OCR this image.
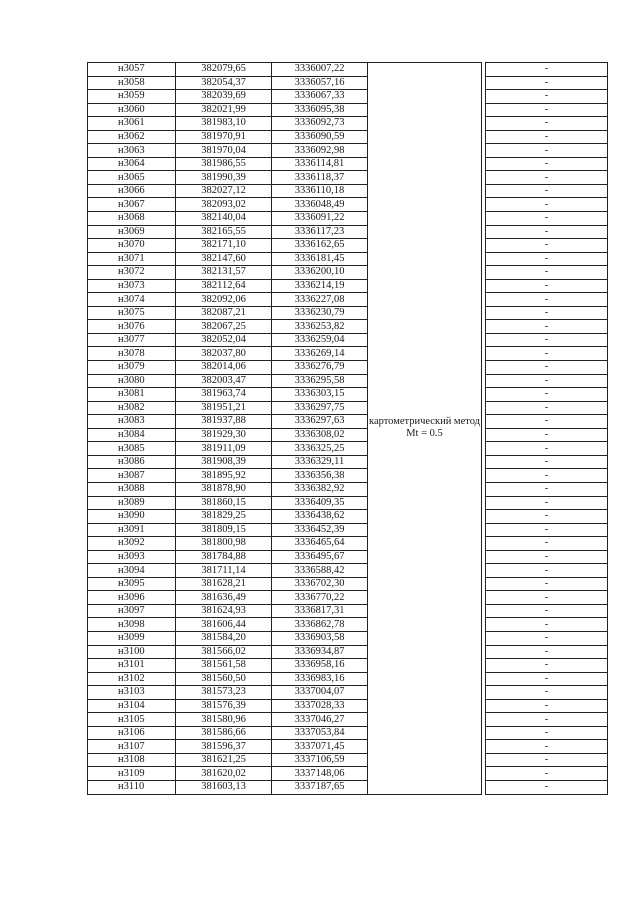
н3057	382079,65	3336007,22	картометрический метод Mt = 0.5		-
н3058	382054,37	3336057,16			-
н3059	382039,69	3336067,33			-
н3060	382021,99	3336095,38			-
н3061	381983,10	3336092,73			-
н3062	381970,91	3336090,59			-
н3063	381970,04	3336092,98			-
н3064	381986,55	3336114,81			-
н3065	381990,39	3336118,37			-
н3066	382027,12	3336110,18			-
н3067	382093,02	3336048,49			-
н3068	382140,04	3336091,22			-
н3069	382165,55	3336117,23			-
н3070	382171,10	3336162,65			-
н3071	382147,60	3336181,45			-
н3072	382131,57	3336200,10			-
н3073	382112,64	3336214,19			-
н3074	382092,06	3336227,08			-
н3075	382087,21	3336230,79			-
н3076	382067,25	3336253,82			-
н3077	382052,04	3336259,04			-
н3078	382037,80	3336269,14			-
н3079	382014,06	3336276,79			-
н3080	382003,47	3336295,58			-
н3081	381963,74	3336303,15			-
н3082	381951,21	3336297,75			-
н3083	381937,88	3336297,63			-
н3084	381929,30	3336308,02			-
н3085	381911,09	3336325,25			-
н3086	381908,39	3336329,11			-
н3087	381895,92	3336356,38			-
н3088	381878,90	3336382,92			-
н3089	381860,15	3336409,35			-
н3090	381829,25	3336438,62			-
н3091	381809,15	3336452,39			-
н3092	381800,98	3336465,64			-
н3093	381784,88	3336495,67			-
н3094	381711,14	3336588,42			-
н3095	381628,21	3336702,30			-
н3096	381636,49	3336770,22			-
н3097	381624,93	3336817,31			-
н3098	381606,44	3336862,78			-
н3099	381584,20	3336903,58			-
н3100	381566,02	3336934,87			-
н3101	381561,58	3336958,16			-
н3102	381560,50	3336983,16			-
н3103	381573,23	3337004,07			-
н3104	381576,39	3337028,33			-
н3105	381580,96	3337046,27			-
н3106	381586,66	3337053,84			-
н3107	381596,37	3337071,45			-
н3108	381621,25	3337106,59			-
н3109	381620,02	3337148,06			-
н3110	381603,13	3337187,65			-
